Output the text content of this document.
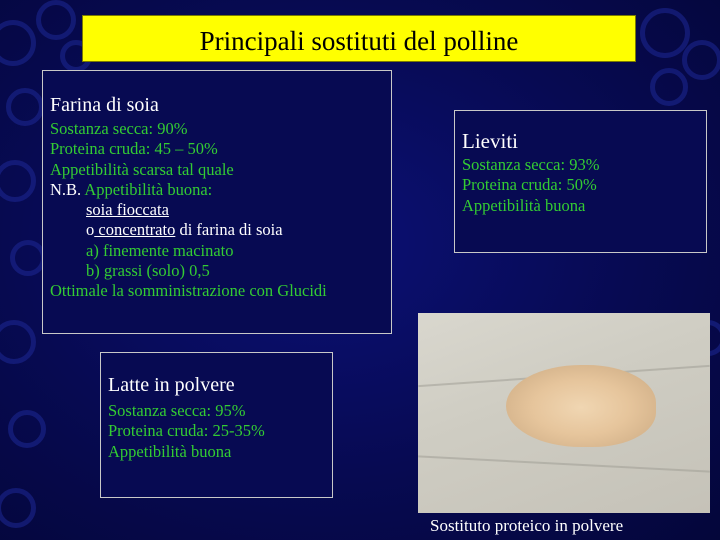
Principali sostituti del polline
Farina di soia
Sostanza secca: 90%
Proteina cruda: 45 – 50%
Appetibilità scarsa tal quale
N.B. Appetibilità buona:
soia fioccata
o concentrato di farina di soia
a) finemente macinato
b) grassi (solo) 0,5
Ottimale la somministrazione con Glucidi
Lieviti
Sostanza secca: 93%
Proteina cruda: 50%
Appetibilità buona
Latte in polvere
Sostanza secca: 95%
Proteina cruda: 25-35%
Appetibilità buona
Sostituto proteico in polvere
